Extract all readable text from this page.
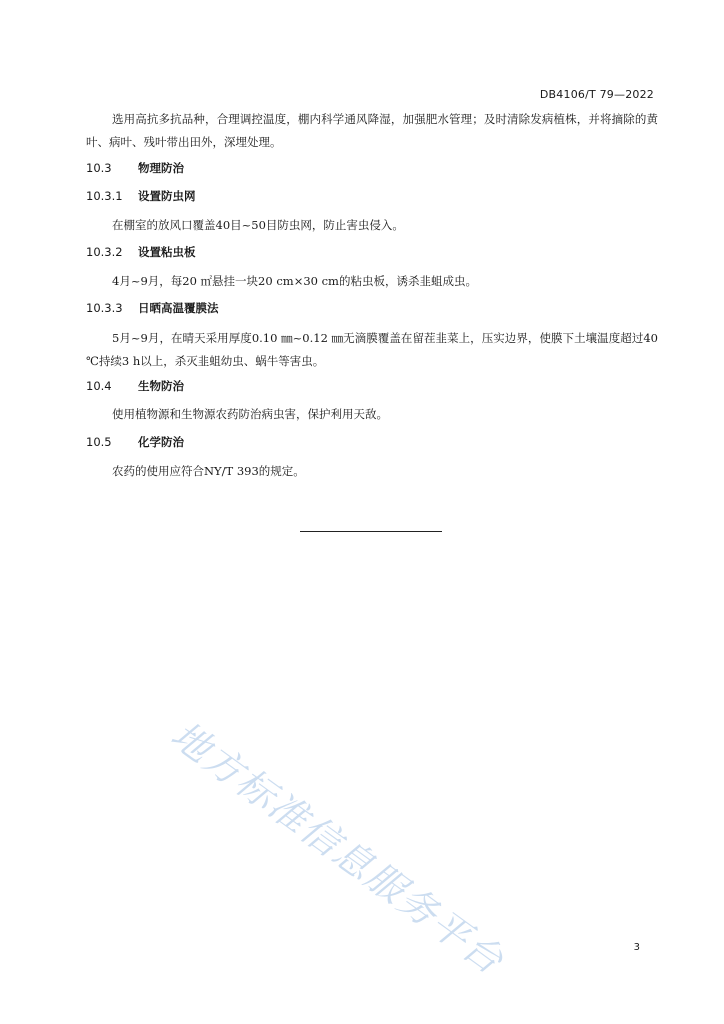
DB4106/T 79—2022

选用高抗多抗品种，合理调控温度，棚内科学通风降湿，加强肥水管理；及时清除发病植株，并将摘除的黄叶、病叶、残叶带出田外，深埋处理。

10.3 物理防治
10.3.1 设置防虫网

在棚室的放风口覆盖40目~50目防虫网，防止害虫侵入。

10.3.2 设置粘虫板

4月~9月，每20 ㎡悬挂一块20 cm×30 cm的粘虫板，诱杀韭蛆成虫。

10.3.3 日晒高温覆膜法

5月~9月，在晴天采用厚度0.10 ㎜~0.12 ㎜无滴膜覆盖在留茬韭菜上，压实边界，使膜下土壤温度超过40 ℃持续3 h以上，杀灭韭蛆幼虫、蜗牛等害虫。

10.4 生物防治

使用植物源和生物源农药防治病虫害，保护利用天敌。

10.5 化学防治

农药的使用应符合NY/T 393的规定。

地方标准信息服务平台	3
